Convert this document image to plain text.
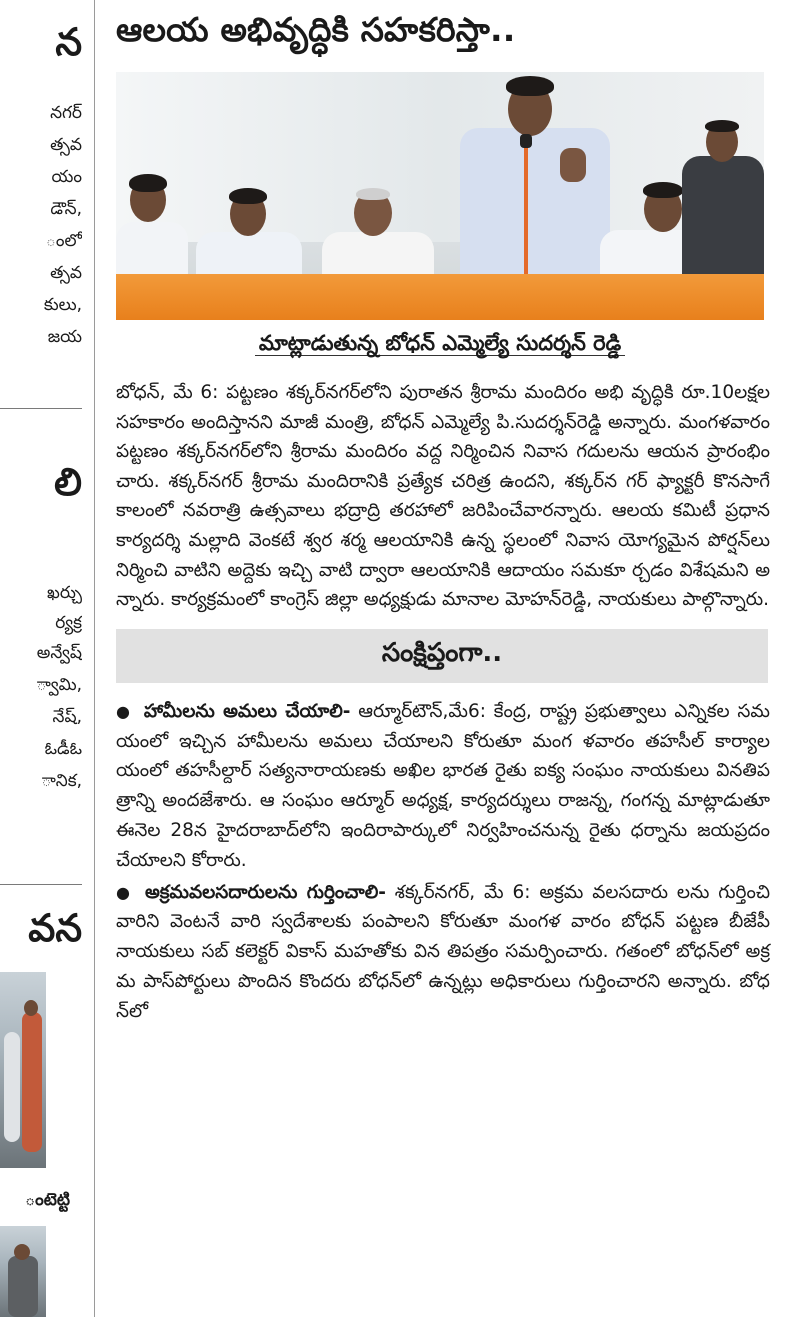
న
నగర్
త్సవ
యం
డౌన్,
ంలో
త్సవ
కులు,
జయ
లి
ఖర్చు
ర్యక్ర
అన్వేష్
్వామి,
నేష్,
ఓడీఓ
ానిక,
వన
ంటెట్టి
ఆలయ అభివృద్ధికి సహకరిస్తా..
మాట్లాడుతున్న బోధన్ ఎమ్మెల్యే సుదర్శన్ రెడ్డి
బోధన్, మే 6: పట్టణం శక్కర్‌నగర్‌లోని పురాతన శ్రీరామ మందిరం అభి వృద్ధికి రూ.10లక్షల సహకారం అందిస్తానని మాజీ మంత్రి, బోధన్ ఎమ్మెల్యే పి.సుదర్శన్‌రెడ్డి అన్నారు. మంగళవారం పట్టణం శక్కర్‌నగర్‌లోని శ్రీరామ మందిరం వద్ద నిర్మించిన నివాస గదులను ఆయన ప్రారంభిం చారు. శక్కర్‌నగర్ శ్రీరామ మందిరానికి ప్రత్యేక చరిత్ర ఉందని, శక్కర్‌న గర్ ఫ్యాక్టరీ కొనసాగే కాలంలో నవరాత్రి ఉత్సవాలు భద్రాద్రి తరహాలో జరిపించేవారన్నారు. ఆలయ కమిటీ ప్రధాన కార్యదర్శి మల్లాది వెంకటే శ్వర శర్మ ఆలయానికి ఉన్న స్థలంలో నివాస యోగ్యమైన పోర్షన్‌లు నిర్మించి వాటిని అద్దెకు ఇచ్చి వాటి ద్వారా ఆలయానికి ఆదాయం సమకూ ర్చడం విశేషమని అన్నారు. కార్యక్రమంలో కాంగ్రెస్ జిల్లా అధ్యక్షుడు మానాల మోహన్‌రెడ్డి, నాయకులు పాల్గొన్నారు.
సంక్షిప్తంగా..
● హామీలను అమలు చేయాలి- ఆర్మూర్‌టౌన్,మే6: కేంద్ర, రాష్ట్ర ప్రభుత్వాలు ఎన్నికల సమయంలో ఇచ్చిన హామీలను అమలు చేయాలని కోరుతూ మంగ ళవారం తహసీల్ కార్యాలయంలో తహసీల్దార్ సత్యనారాయణకు అఖిల భారత రైతు ఐక్య సంఘం నాయకులు వినతిపత్రాన్ని అందజేశారు. ఆ సంఘం ఆర్మూర్ అధ్యక్ష, కార్యదర్శులు రాజన్న, గంగన్న మాట్లాడుతూ ఈనెల 28న హైదరాబాద్‌లోని ఇందిరాపార్కులో నిర్వహించనున్న రైతు ధర్నాను జయప్రదం చేయాలని కోరారు.
● అక్రమవలసదారులను గుర్తించాలి- శక్కర్‌నగర్, మే 6: అక్రమ వలసదారు లను గుర్తించి వారిని వెంటనే వారి స్వదేశాలకు పంపాలని కోరుతూ మంగళ వారం బోధన్ పట్టణ బీజేపీ నాయకులు సబ్ కలెక్టర్ వికాస్ మహతోకు విన తిపత్రం సమర్పించారు. గతంలో బోధన్‌లో అక్రమ పాస్‌పోర్టులు పొందిన కొందరు బోధన్‌లో ఉన్నట్లు అధికారులు గుర్తించారని అన్నారు. బోధన్‌లో
